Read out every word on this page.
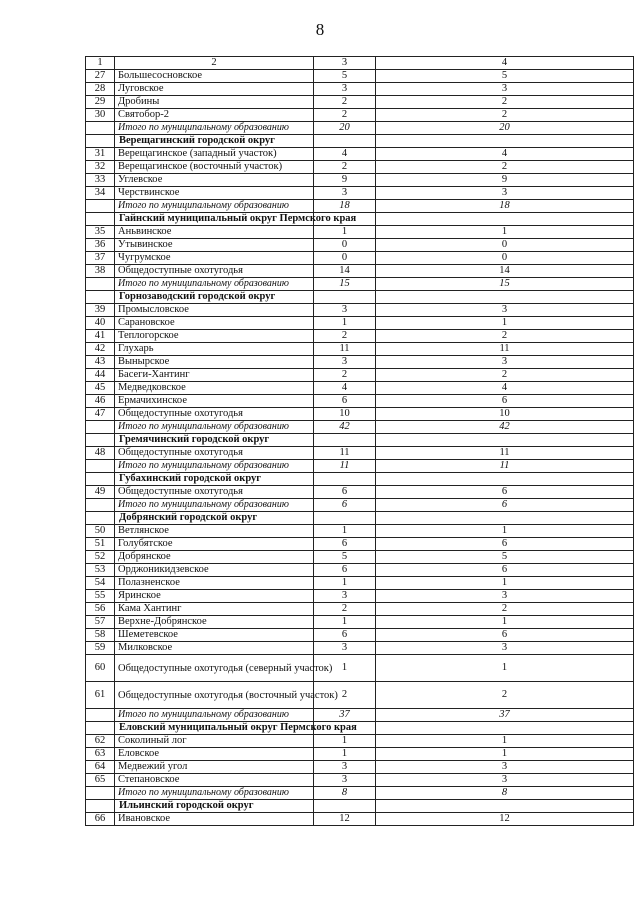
8
1	2	3	4
27	Большесосновское	5	5
28	Луговское	3	3
29	Дробины	2	2
30	Святобор-2	2	2
	Итого по муниципальному образованию	20	20
	Верещагинский городской округ		
31	Верещагинское (западный участок)	4	4
32	Верещагинское (восточный участок)	2	2
33	Углевское	9	9
34	Черствинское	3	3
	Итого по муниципальному образованию	18	18
	Гайнский муниципальный округ Пермского края		
35	Аньвинское	1	1
36	Утывинское	0	0
37	Чугрумское	0	0
38	Общедоступные охотугодья	14	14
	Итого по муниципальному образованию	15	15
	Горнозаводский городской округ		
39	Промысловское	3	3
40	Сарановское	1	1
41	Теплогорское	2	2
42	Глухарь	11	11
43	Вынырское	3	3
44	Басеги-Хантинг	2	2
45	Медведковское	4	4
46	Ермачихинское	6	6
47	Общедоступные охотугодья	10	10
	Итого по муниципальному образованию	42	42
	Гремячинский городской округ		
48	Общедоступные охотугодья	11	11
	Итого по муниципальному образованию	11	11
	Губахинский городской округ		
49	Общедоступные охотугодья	6	6
	Итого по муниципальному образованию	6	6
	Добрянский городской округ		
50	Ветлянское	1	1
51	Голубятское	6	6
52	Добрянское	5	5
53	Орджоникидзевское	6	6
54	Полазненское	1	1
55	Яринское	3	3
56	Кама Хантинг	2	2
57	Верхне-Добрянское	1	1
58	Шеметевское	6	6
59	Милковское	3	3
60	Общедоступные охотугодья (северный участок)	1	1
61	Общедоступные охотугодья (восточный участок)	2	2
	Итого по муниципальному образованию	37	37
	Еловский муниципальный округ Пермского края		
62	Соколиный лог	1	1
63	Еловское	1	1
64	Медвежий угол	3	3
65	Степановское	3	3
	Итого по муниципальному образованию	8	8
	Ильинский городской округ		
66	Ивановское	12	12
